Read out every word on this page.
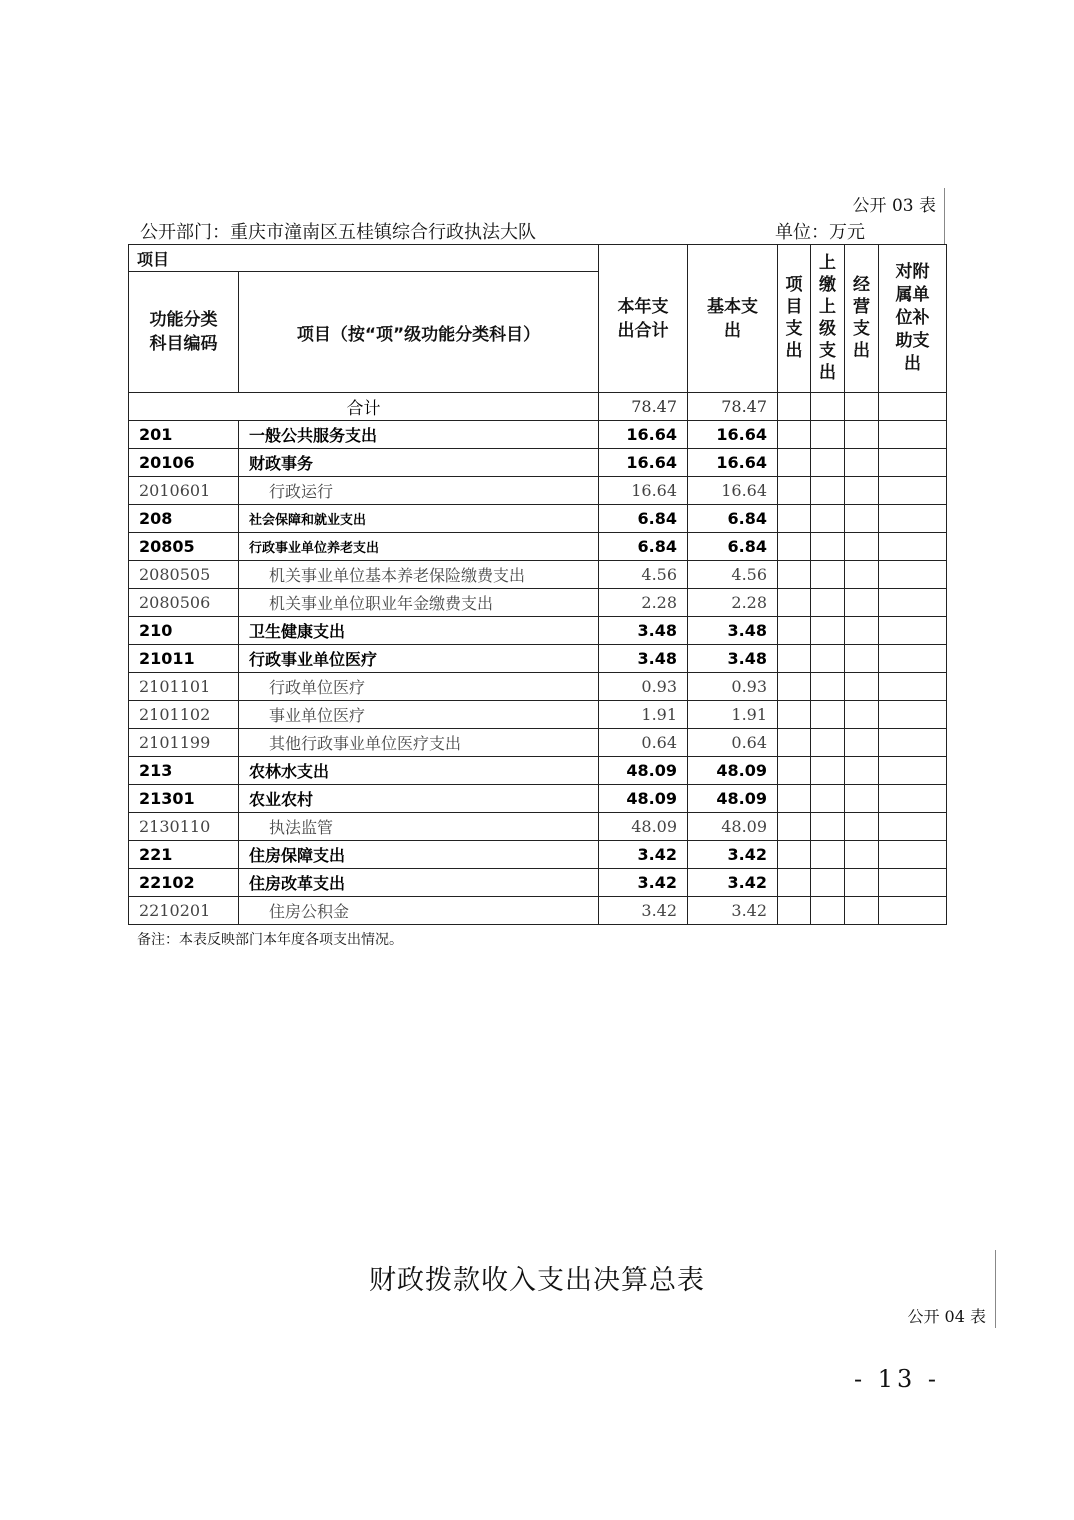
公开 03 表
公开部门：重庆市潼南区五桂镇综合行政执法大队	单位：万元
项目		本年支出合计	基本支出	项目支出	上缴上级支出	经营支出	对附属单位补助支出
功能分类科目编码	项目（按“项”级功能分类科目）						
合计		78.47	78.47				
201	一般公共服务支出	16.64	16.64				
20106	财政事务	16.64	16.64				
2010601	行政运行	16.64	16.64				
208	社会保障和就业支出	6.84	6.84				
20805	行政事业单位养老支出	6.84	6.84				
2080505	机关事业单位基本养老保险缴费支出	4.56	4.56				
2080506	机关事业单位职业年金缴费支出	2.28	2.28				
210	卫生健康支出	3.48	3.48				
21011	行政事业单位医疗	3.48	3.48				
2101101	行政单位医疗	0.93	0.93				
2101102	事业单位医疗	1.91	1.91				
2101199	其他行政事业单位医疗支出	0.64	0.64				
213	农林水支出	48.09	48.09				
21301	农业农村	48.09	48.09				
2130110	执法监管	48.09	48.09				
221	住房保障支出	3.42	3.42				
22102	住房改革支出	3.42	3.42				
2210201	住房公积金	3.42	3.42				
备注：本表反映部门本年度各项支出情况。
财政拨款收入支出决算总表
公开 04 表
- 13 -
